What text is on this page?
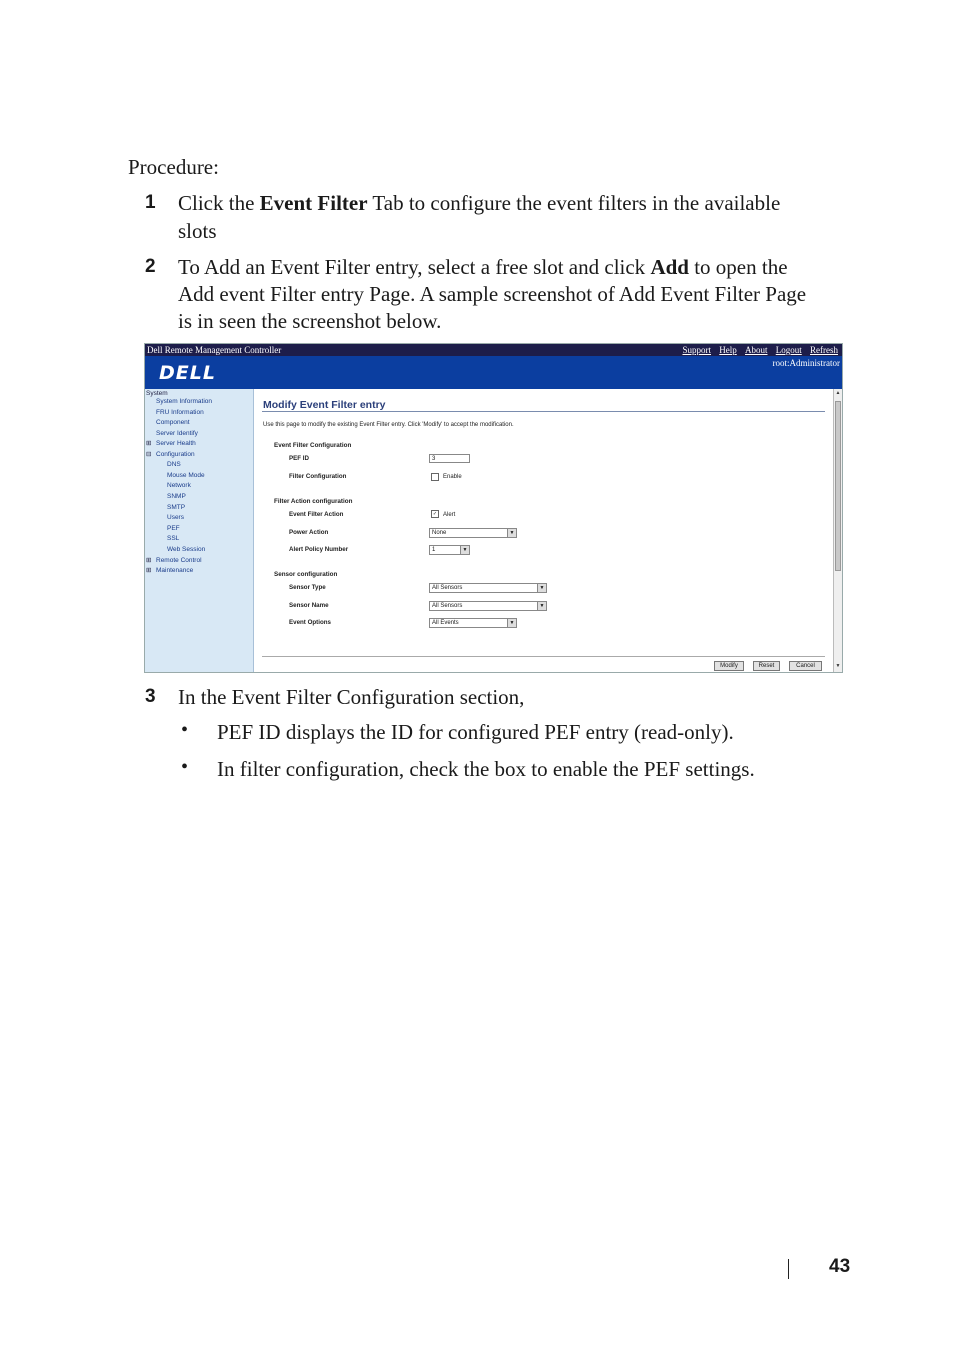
Procedure:
1 Click the Event Filter Tab to configure the event filters in the available
slots
2 To Add an Event Filter entry, select a free slot and click Add to open the
Add event Filter entry Page. A sample screenshot of Add Event Filter Page
is in seen the screenshot below.
Dell Remote Management Controller	Support Help About Logout Refresh
DELL	root:Administrator
System
System Information
FRU Information
Component
Server Identify
⊞ Server Health
⊟ Configuration
DNS
Mouse Mode
Network
SNMP
SMTP
Users
PEF
SSL
Web Session
⊞ Remote Control
⊞ Maintenance
Modify Event Filter entry
Use this page to modify the existing Event Filter entry. Click 'Modify' to accept the modification.
Event Filter Configuration
PEF ID	3
Filter Configuration	Enable
Filter Action configuration
Event Filter Action	✓ Alert
Power Action	None	▼
Alert Policy Number	1	▼
Sensor configuration
Sensor Type	All Sensors	▼
Sensor Name	All Sensors	▼
Event Options	All Events	▼
Modify	Reset	Cancel
▲
▼
3 In the Event Filter Configuration section,
• PEF ID displays the ID for configured PEF entry (read-only).
• In filter configuration, check the box to enable the PEF settings.
43
